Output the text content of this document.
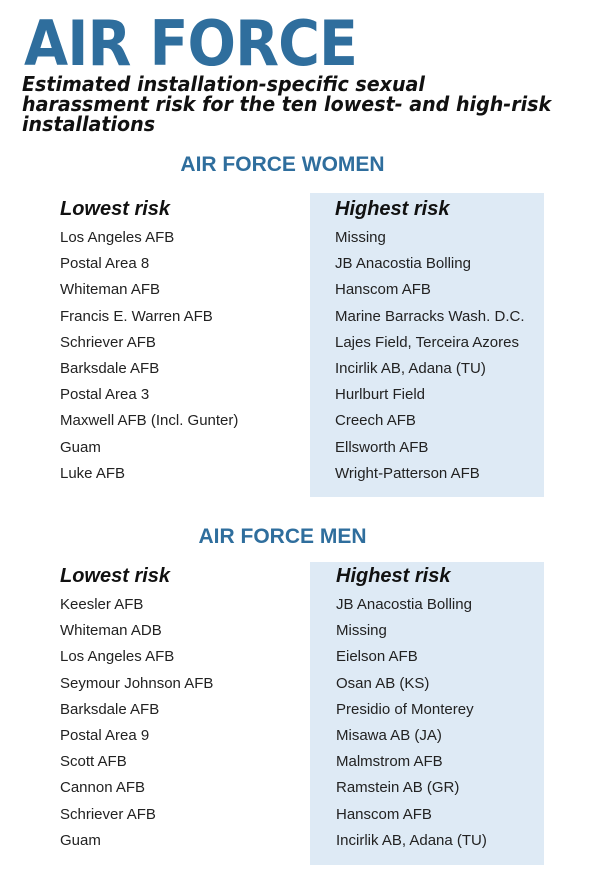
AIR FORCE
Estimated installation-specific sexual harassment risk for the ten lowest- and high-risk installations
AIR FORCE WOMEN
Lowest risk
Los Angeles AFB
Postal Area 8
Whiteman AFB
Francis E. Warren AFB
Schriever AFB
Barksdale AFB
Postal Area 3
Maxwell AFB (Incl. Gunter)
Guam
Luke AFB
Highest risk
Missing
JB Anacostia Bolling
Hanscom AFB
Marine Barracks Wash. D.C.
Lajes Field, Terceira Azores
Incirlik AB, Adana (TU)
Hurlburt Field
Creech AFB
Ellsworth AFB
Wright-Patterson AFB
AIR FORCE MEN
Lowest risk
Keesler AFB
Whiteman ADB
Los Angeles AFB
Seymour Johnson AFB
Barksdale AFB
Postal Area 9
Scott AFB
Cannon AFB
Schriever AFB
Guam
Highest risk
JB Anacostia Bolling
Missing
Eielson AFB
Osan AB (KS)
Presidio of Monterey
Misawa AB (JA)
Malmstrom AFB
Ramstein AB (GR)
Hanscom AFB
Incirlik AB, Adana (TU)
